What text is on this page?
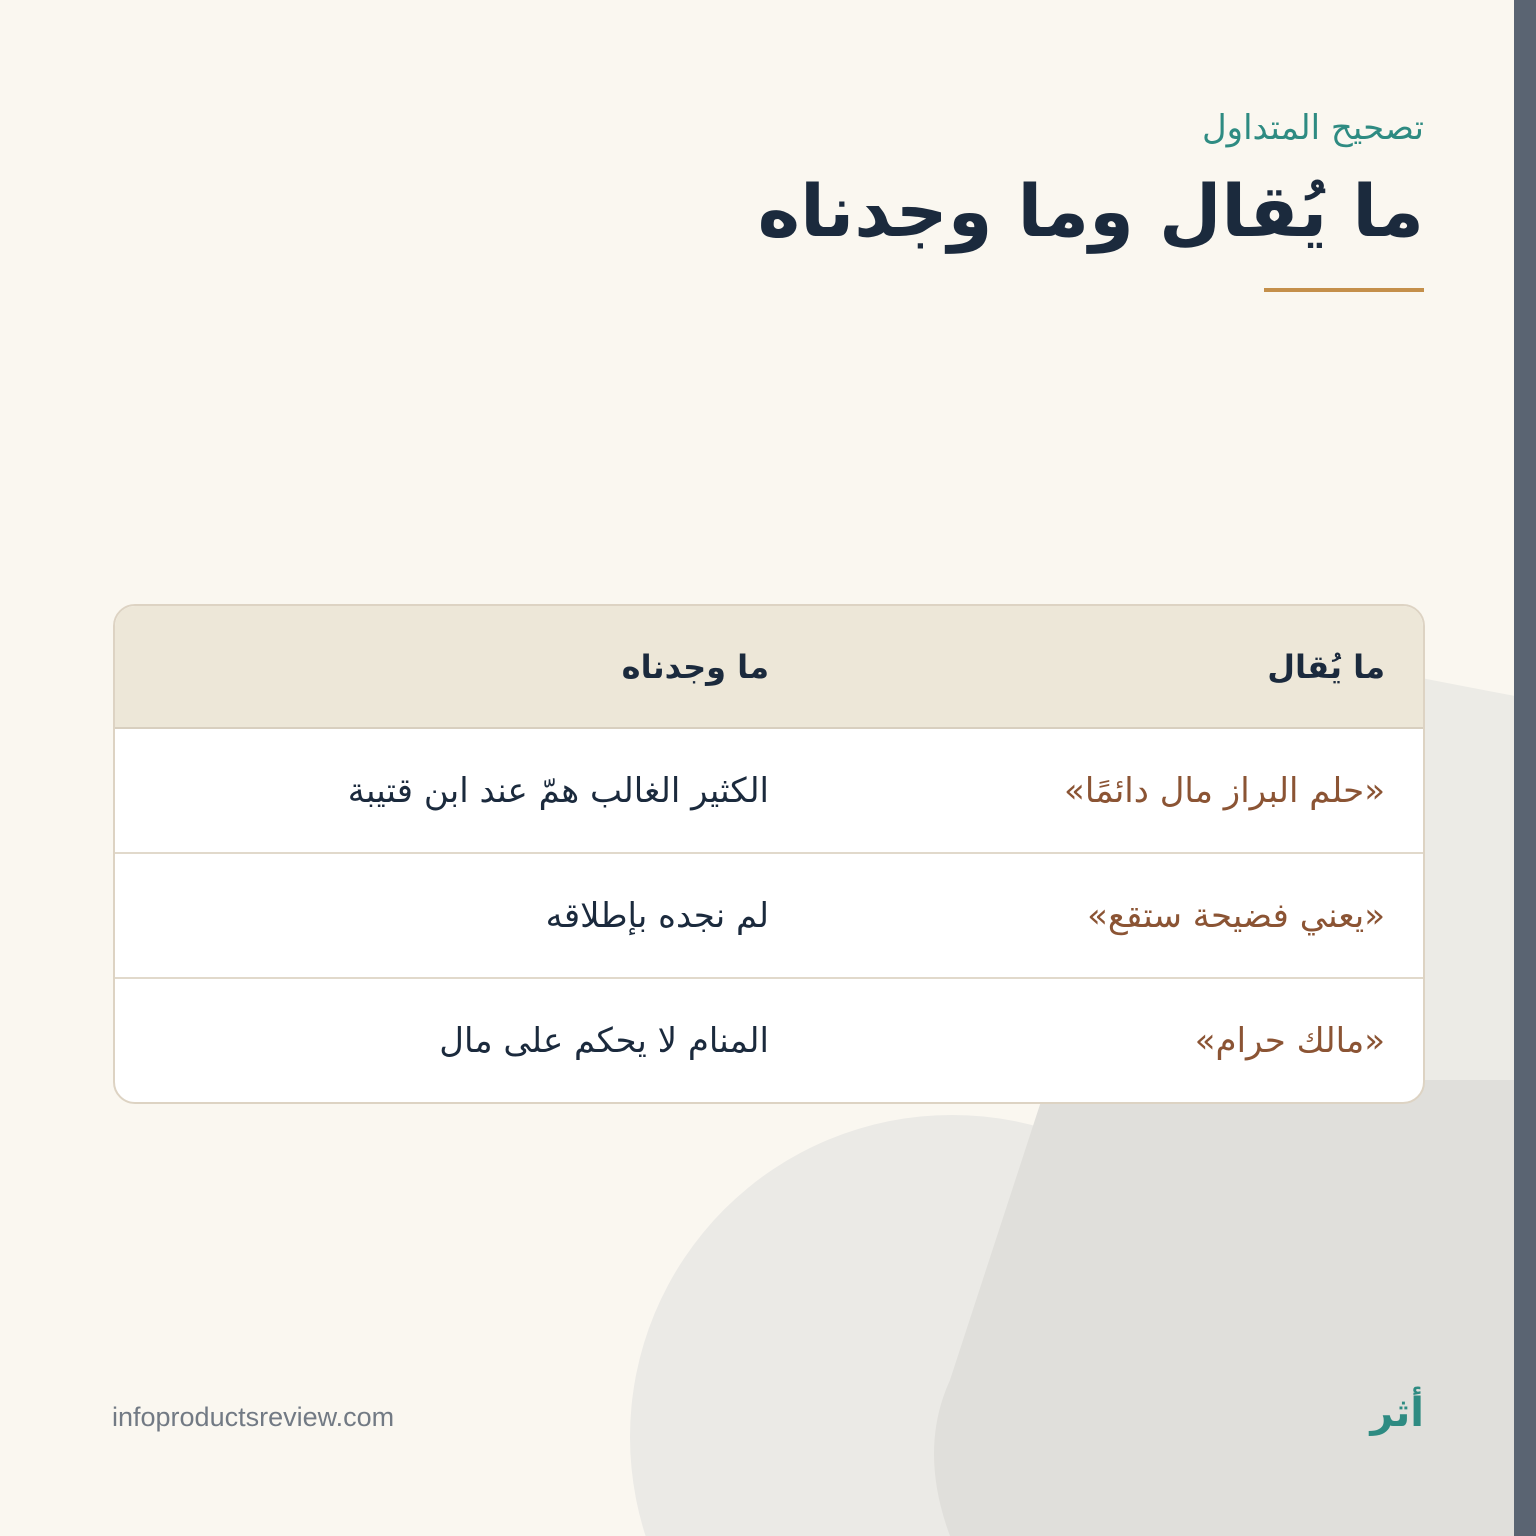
تصحيح المتداول

ما يُقال وما وجدناه
ما يُقال
ما وجدناه
«حلم البراز مال دائمًا»
الكثير الغالب همّ عند ابن قتيبة
«يعني فضيحة ستقع»
لم نجده بإطلاقه
«مالك حرام»
المنام لا يحكم على مال

أثر

infoproductsreview.com
